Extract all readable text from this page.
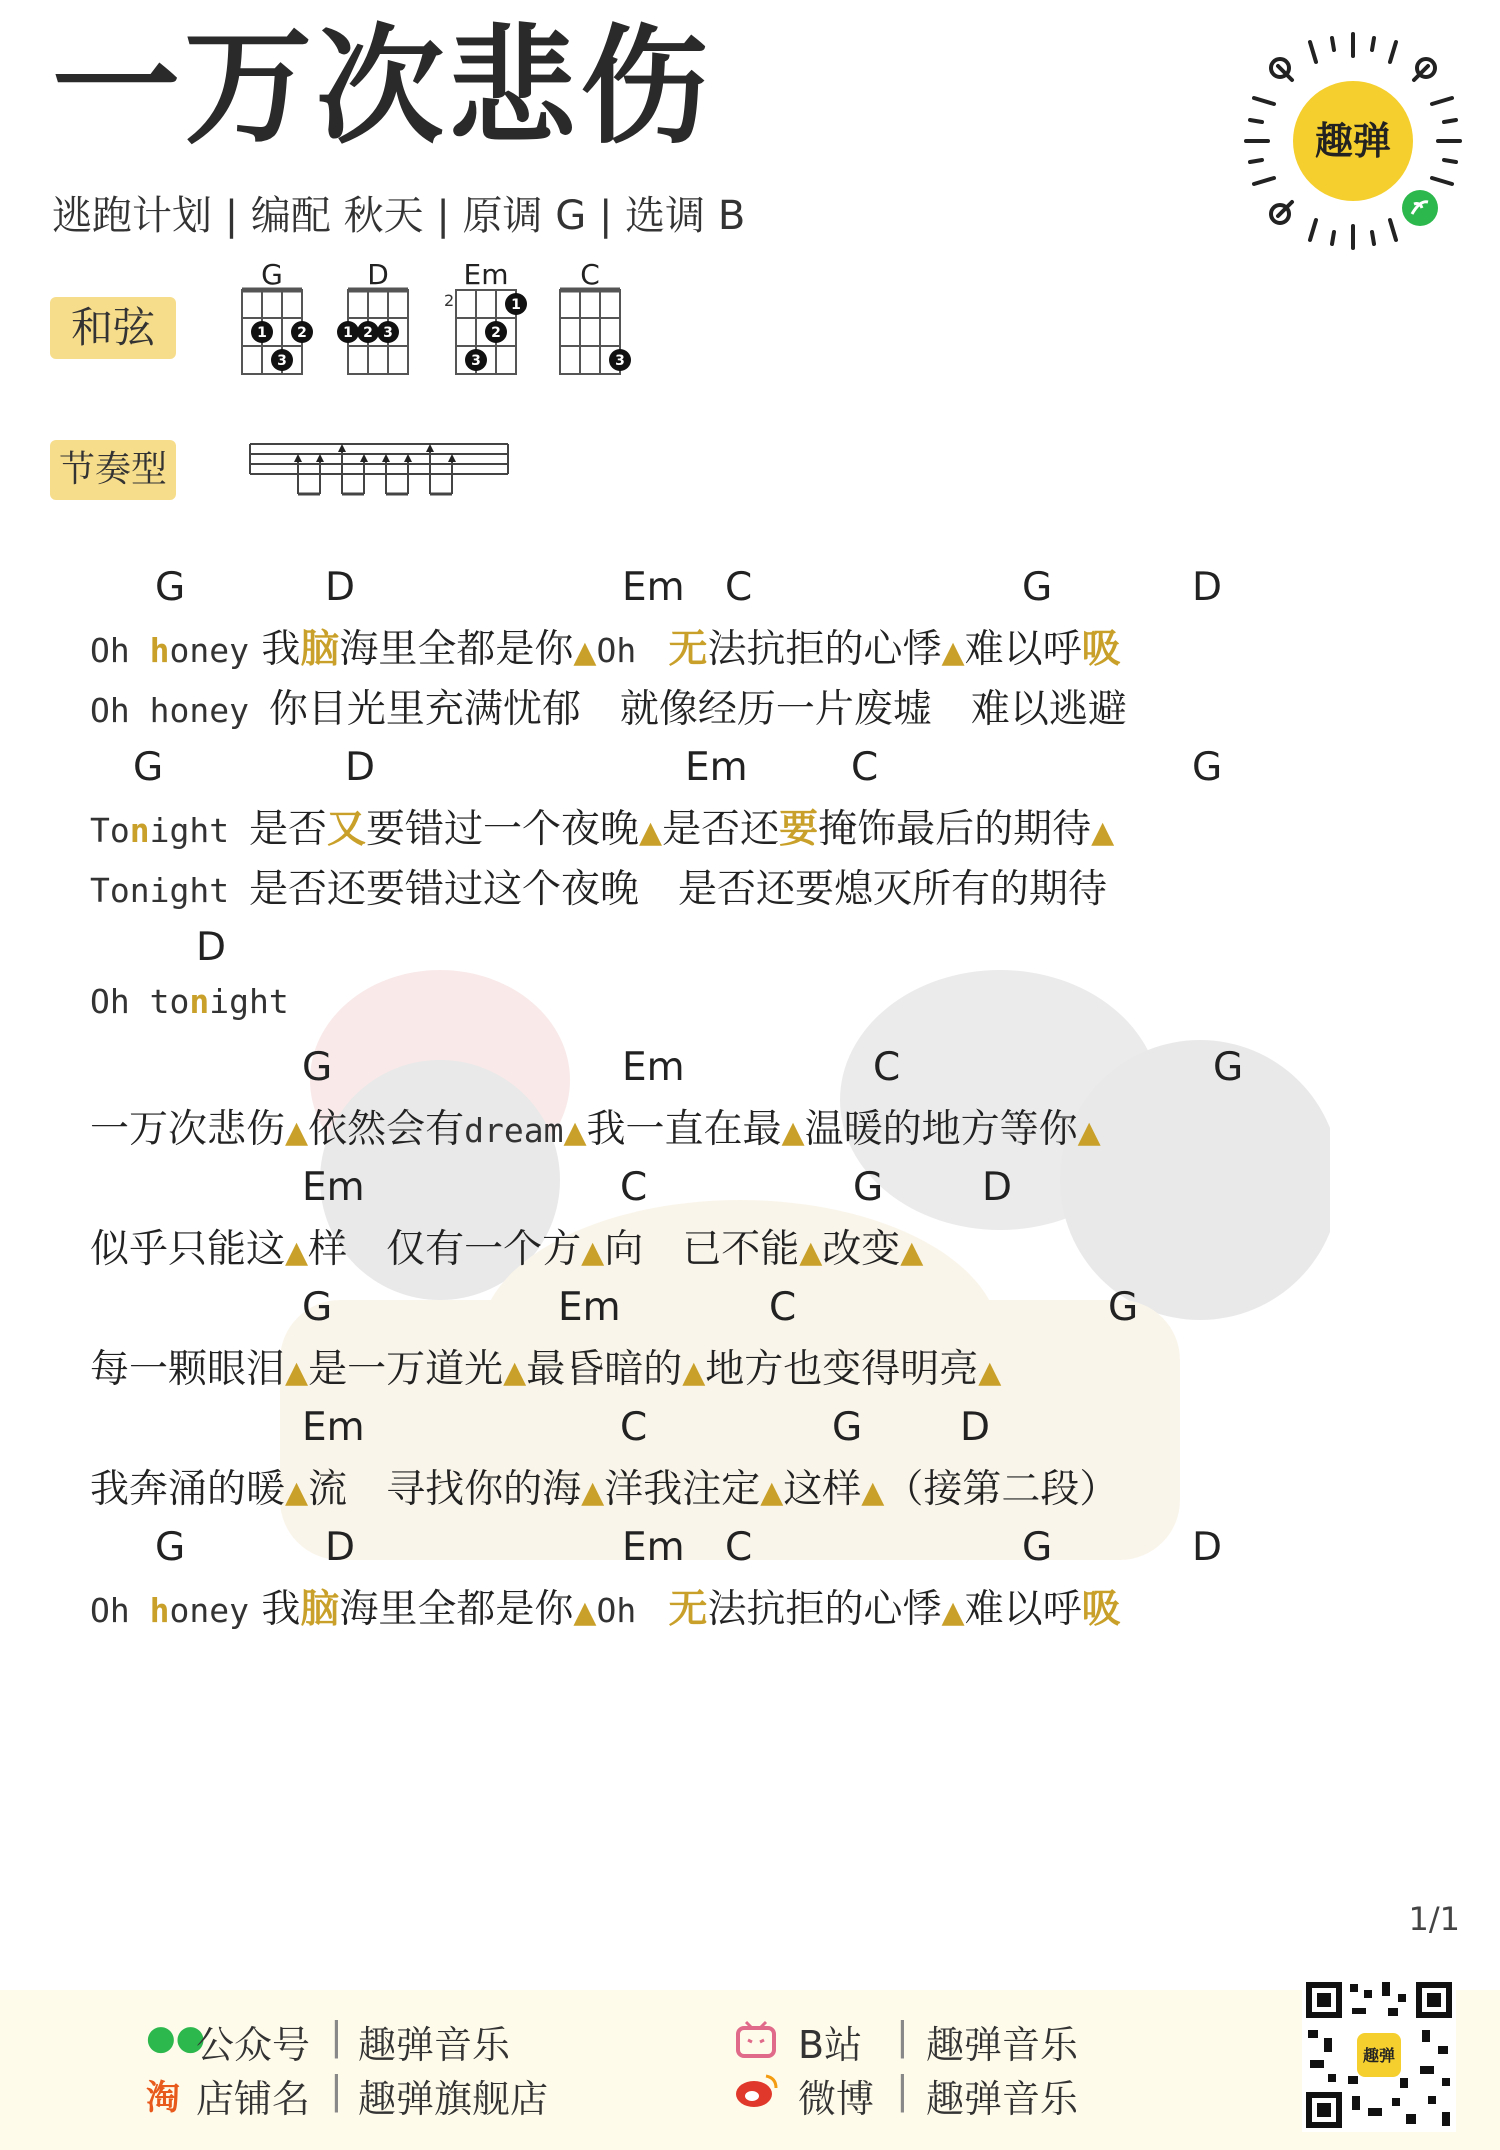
一万次悲伤
逃跑计划 | 编配 秋天 | 原调 G | 选调 B
趣弹
和弦
节奏型
G	D	Em	C
1 2
3
1 2 3
1
2
3	3
2
G	D	Em C	G	D
Oh honey 我脑海里全都是你▲Oh  无法抗拒的心悸▲难以呼吸
Oh honey 你目光里充满忧郁　就像经历一片废墟　难以逃避
G	D	Em	C	G
Tonight 是否又要错过一个夜晚▲是否还要掩饰最后的期待▲
Tonight 是否还要错过这个夜晚　是否还要熄灭所有的期待
D
Oh tonight
G	Em	C	G
一万次悲伤▲依然会有dream▲我一直在最▲温暖的地方等你▲
Em	C	G	D
似乎只能这▲样　仅有一个方▲向　已不能▲改变▲
G	Em	C	G
每一颗眼泪▲是一万道光▲最昏暗的▲地方也变得明亮▲
Em	C	G	D
我奔涌的暖▲流　寻找你的海▲洋我注定▲这样▲（接第二段）
G	D	Em C	G	D
Oh honey 我脑海里全都是你▲Oh  无法抗拒的心悸▲难以呼吸
1/1
●●
公众号 | 趣弹音乐
淘 店铺名 | 趣弹旗舰店
B站 | 趣弹音乐
微博 | 趣弹音乐
趣弹
